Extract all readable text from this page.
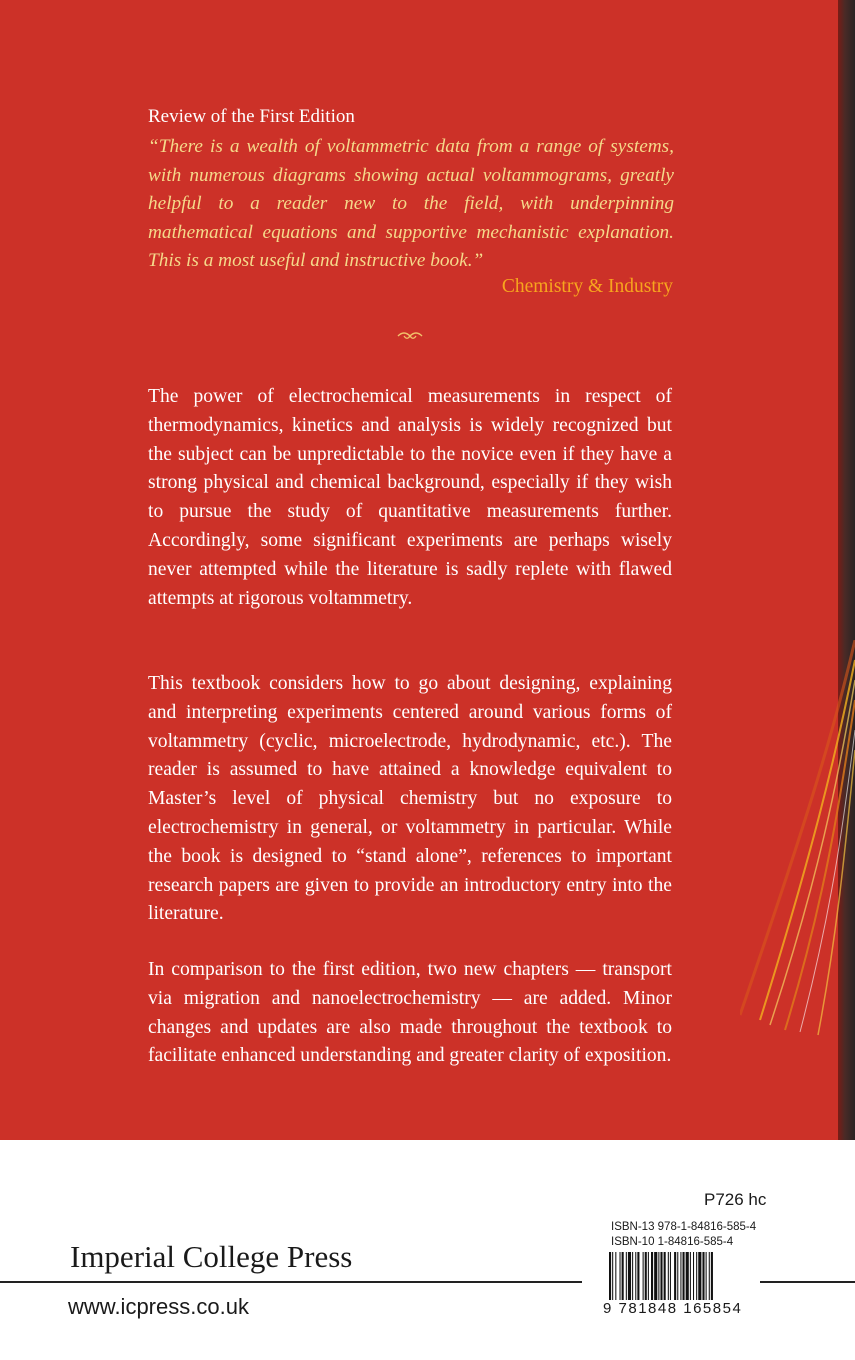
Review of the First Edition

“There is a wealth of voltammetric data from a range of systems, with numerous diagrams showing actual voltammograms, greatly helpful to a reader new to the field, with underpinning mathematical equations and supportive mechanistic explanation. This is a most useful and instructive book.”

Chemistry & Industry

The power of electrochemical measurements in respect of thermodynamics, kinetics and analysis is widely recognized but the subject can be unpredictable to the novice even if they have a strong physical and chemical background, especially if they wish to pursue the study of quantitative measurements further. Accordingly, some significant experiments are perhaps wisely never attempted while the literature is sadly replete with flawed attempts at rigorous voltammetry.

This textbook considers how to go about designing, explaining and interpreting experiments centered around various forms of voltammetry (cyclic, microelectrode, hydrodynamic, etc.). The reader is assumed to have attained a knowledge equivalent to Master’s level of physical chemistry but no exposure to electrochemistry in general, or voltammetry in particular. While the book is designed to “stand alone”, references to important research papers are given to provide an introductory entry into the literature.

In comparison to the first edition, two new chapters — transport via migration and nanoelectrochemistry — are added. Minor changes and updates are also made throughout the textbook to facilitate enhanced understanding and greater clarity of exposition.

Imperial College Press
www.icpress.co.uk
P726 hc
ISBN-13 978-1-84816-585-4
ISBN-10 1-84816-585-4
9 781848 165854
